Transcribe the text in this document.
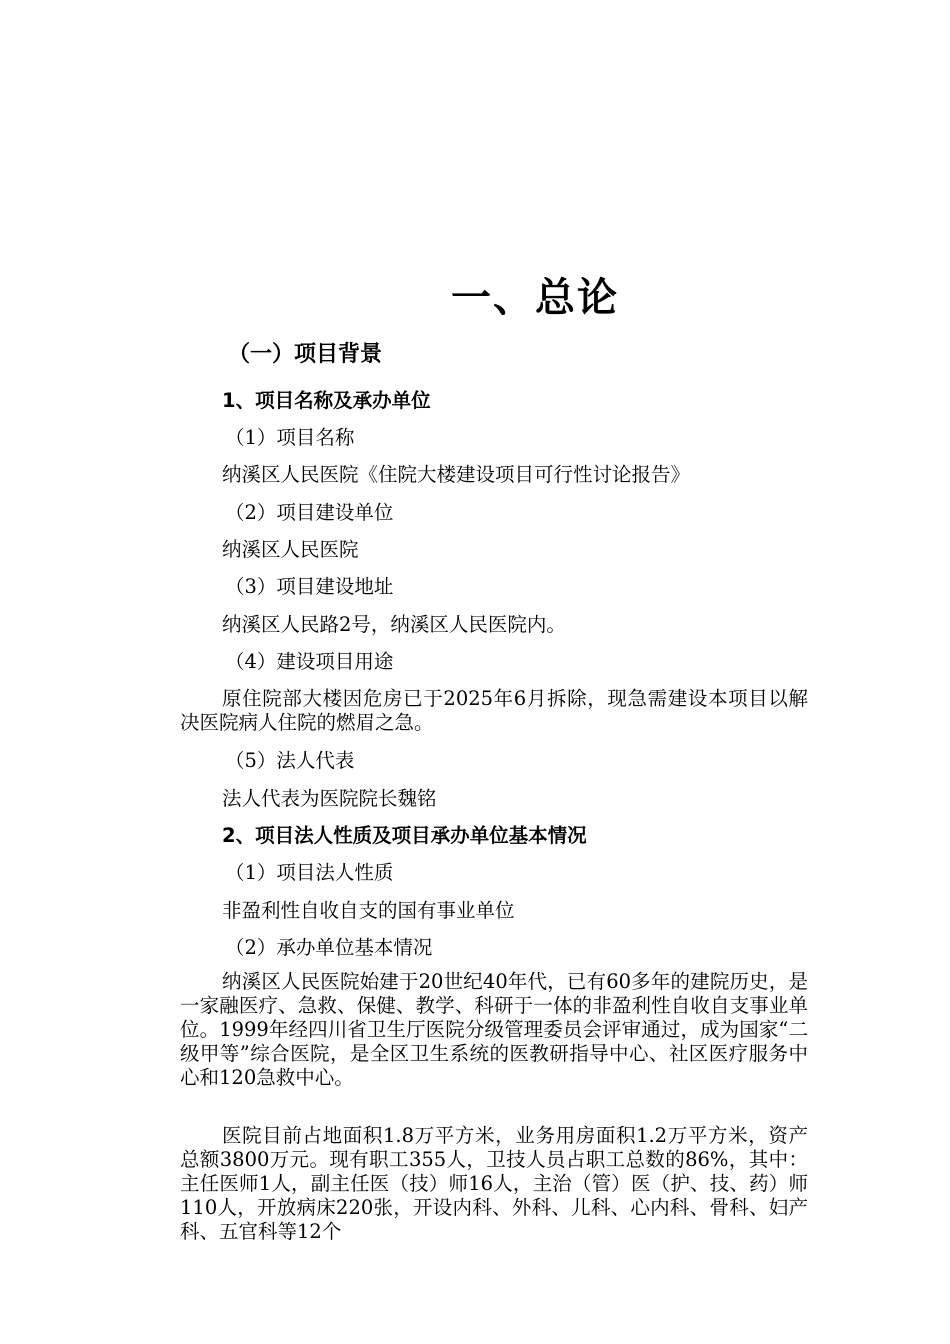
一、总论
（一）项目背景
1、项目名称及承办单位
（1）项目名称
纳溪区人民医院《住院大楼建设项目可行性讨论报告》
（2）项目建设单位
纳溪区人民医院
（3）项目建设地址
纳溪区人民路2号，纳溪区人民医院内。
（4）建设项目用途
原住院部大楼因危房已于2025年6月拆除，现急需建设本项目以解决医院病人住院的燃眉之急。
（5）法人代表
法人代表为医院院长魏铭
2、项目法人性质及项目承办单位基本情况
（1）项目法人性质
非盈利性自收自支的国有事业单位
（2）承办单位基本情况
纳溪区人民医院始建于20世纪40年代，已有60多年的建院历史，是一家融医疗、急救、保健、教学、科研于一体的非盈利性自收自支事业单位。1999年经四川省卫生厅医院分级管理委员会评审通过，成为国家“二级甲等”综合医院，是全区卫生系统的医教研指导中心、社区医疗服务中心和120急救中心。
医院目前占地面积1.8万平方米，业务用房面积1.2万平方米，资产总额3800万元。现有职工355人，卫技人员占职工总数的86%，其中：主任医师1人，副主任医（技）师16人，主治（管）医（护、技、药）师110人，开放病床220张，开设内科、外科、儿科、心内科、骨科、妇产科、五官科等12个
